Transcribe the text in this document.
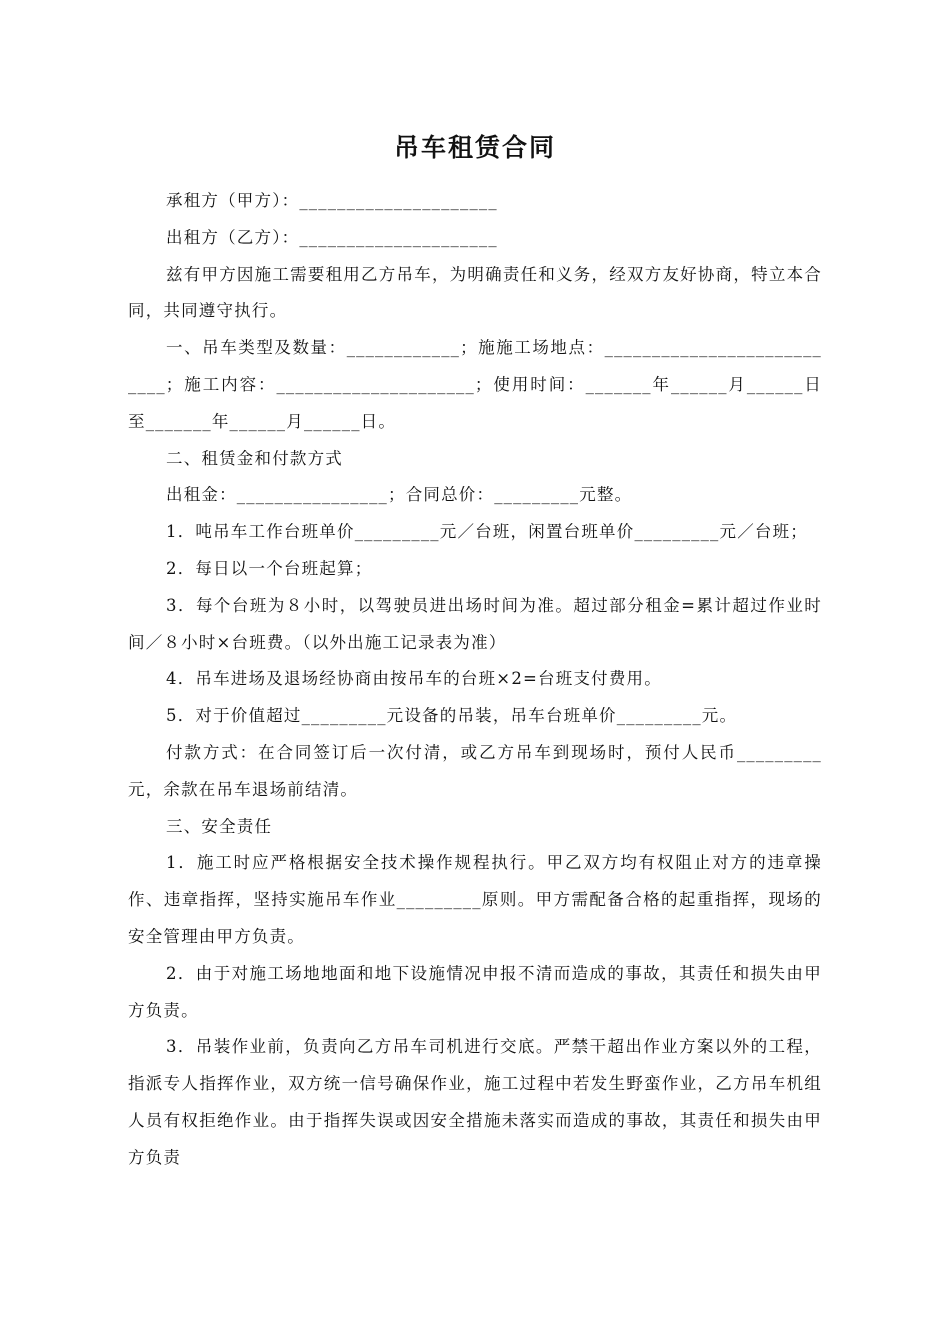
吊车租赁合同

承租方（甲方）：_____________________

出租方（乙方）：_____________________

兹有甲方因施工需要租用乙方吊车，为明确责任和义务，经双方友好协商，特立本合同，共同遵守执行。

一、吊车类型及数量：____________；施施工场地点：___________________________；施工内容：_____________________；使用时间：_______年______月______日至_______年______月______日。

二、租赁金和付款方式

出租金：________________；合同总价：_________元整。

1．吨吊车工作台班单价_________元／台班，闲置台班单价_________元／台班；

2．每日以一个台班起算；

3．每个台班为８小时，以驾驶员进出场时间为准。超过部分租金=累计超过作业时间／８小时×台班费。（以外出施工记录表为准）

4．吊车进场及退场经协商由按吊车的台班×2=台班支付费用。

5．对于价值超过_________元设备的吊装，吊车台班单价_________元。

付款方式：在合同签订后一次付清，或乙方吊车到现场时，预付人民币_________元，余款在吊车退场前结清。

三、安全责任

1．施工时应严格根据安全技术操作规程执行。甲乙双方均有权阻止对方的违章操作、违章指挥，坚持实施吊车作业_________原则。甲方需配备合格的起重指挥，现场的安全管理由甲方负责。

2．由于对施工场地地面和地下设施情况申报不清而造成的事故，其责任和损失由甲方负责。

3．吊装作业前，负责向乙方吊车司机进行交底。严禁干超出作业方案以外的工程，指派专人指挥作业，双方统一信号确保作业，施工过程中若发生野蛮作业，乙方吊车机组人员有权拒绝作业。由于指挥失误或因安全措施未落实而造成的事故，其责任和损失由甲方负责
